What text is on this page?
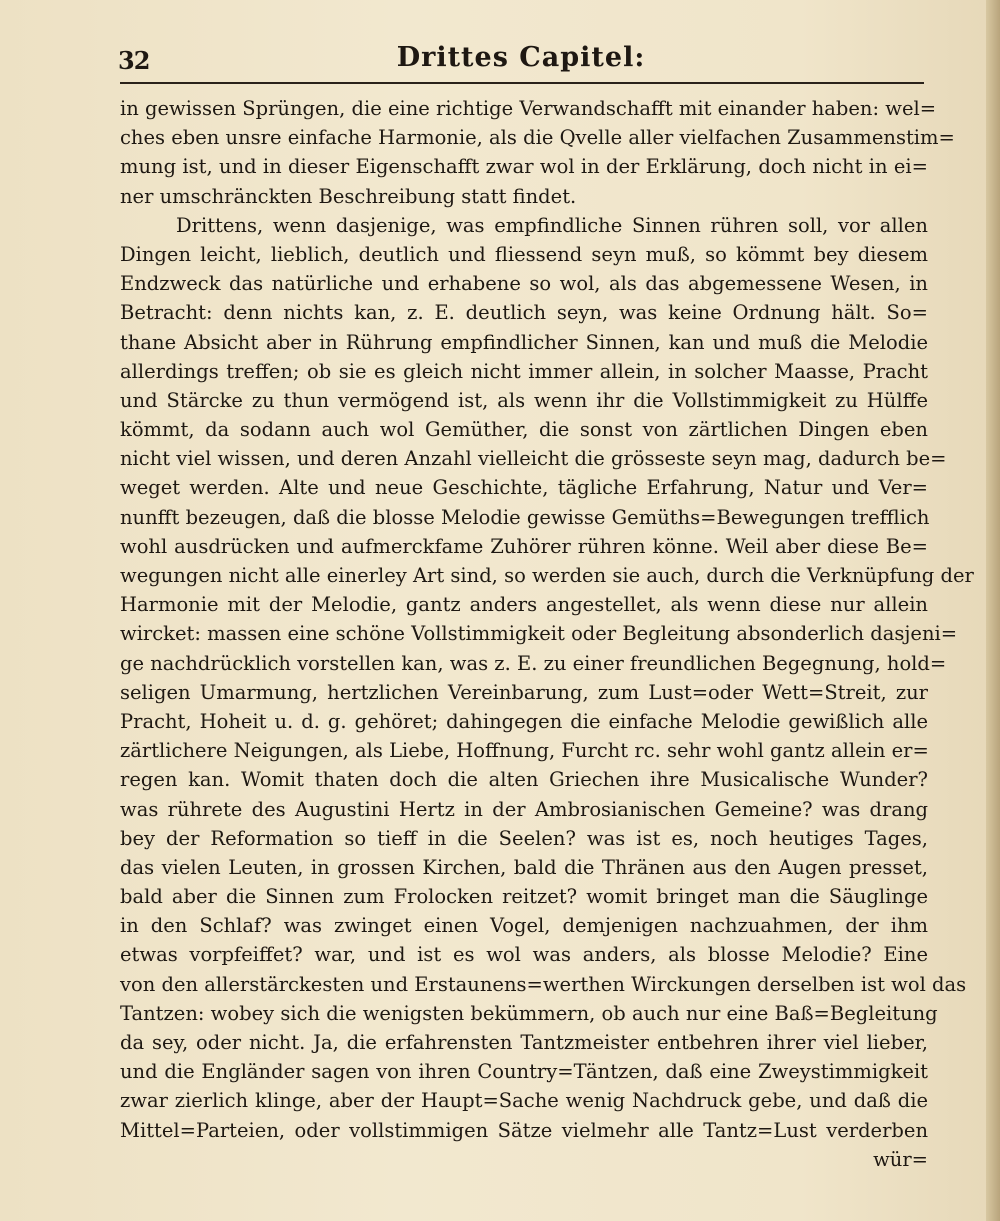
32	Drittes Capitel:
in gewissen Sprüngen, die eine richtige Verwandschafft mit einander haben: wel=
ches eben unsre einfache Harmonie, als die Qvelle aller vielfachen Zusammenstim=
mung ist, und in dieser Eigenschafft zwar wol in der Erklärung, doch nicht in ei=
ner umschränckten Beschreibung statt findet.
Drittens, wenn dasjenige, was empfindliche Sinnen rühren soll, vor allen
Dingen leicht, lieblich, deutlich und fliessend seyn muß, so kömmt bey diesem
Endzweck das natürliche und erhabene so wol, als das abgemessene Wesen, in
Betracht: denn nichts kan, z. E. deutlich seyn, was keine Ordnung hält. So=
thane Absicht aber in Rührung empfindlicher Sinnen, kan und muß die Melodie
allerdings treffen; ob sie es gleich nicht immer allein, in solcher Maasse, Pracht
und Stärcke zu thun vermögend ist, als wenn ihr die Vollstimmigkeit zu Hülffe
kömmt, da sodann auch wol Gemüther, die sonst von zärtlichen Dingen eben
nicht viel wissen, und deren Anzahl vielleicht die grösseste seyn mag, dadurch be=
weget werden. Alte und neue Geschichte, tägliche Erfahrung, Natur und Ver=
nunfft bezeugen, daß die blosse Melodie gewisse Gemüths=Bewegungen trefflich
wohl ausdrücken und aufmerckfame Zuhörer rühren könne. Weil aber diese Be=
wegungen nicht alle einerley Art sind, so werden sie auch, durch die Verknüpfung der
Harmonie mit der Melodie, gantz anders angestellet, als wenn diese nur allein
wircket: massen eine schöne Vollstimmigkeit oder Begleitung absonderlich dasjeni=
ge nachdrücklich vorstellen kan, was z. E. zu einer freundlichen Begegnung, hold=
seligen Umarmung, hertzlichen Vereinbarung, zum Lust=oder Wett=Streit, zur
Pracht, Hoheit u. d. g. gehöret; dahingegen die einfache Melodie gewißlich alle
zärtlichere Neigungen, als Liebe, Hoffnung, Furcht rc. sehr wohl gantz allein er=
regen kan. Womit thaten doch die alten Griechen ihre Musicalische Wunder?
was rührete des Augustini Hertz in der Ambrosianischen Gemeine? was drang
bey der Reformation so tieff in die Seelen? was ist es, noch heutiges Tages,
das vielen Leuten, in grossen Kirchen, bald die Thränen aus den Augen presset,
bald aber die Sinnen zum Frolocken reitzet? womit bringet man die Säuglinge
in den Schlaf? was zwinget einen Vogel, demjenigen nachzuahmen, der ihm
etwas vorpfeiffet? war, und ist es wol was anders, als blosse Melodie? Eine
von den allerstärckesten und Erstaunens=werthen Wirckungen derselben ist wol das
Tantzen: wobey sich die wenigsten bekümmern, ob auch nur eine Baß=Begleitung
da sey, oder nicht. Ja, die erfahrensten Tantzmeister entbehren ihrer viel lieber,
und die Engländer sagen von ihren Country=Täntzen, daß eine Zweystimmigkeit
zwar zierlich klinge, aber der Haupt=Sache wenig Nachdruck gebe, und daß die
Mittel=Parteien, oder vollstimmigen Sätze vielmehr alle Tantz=Lust verderben
wür=
